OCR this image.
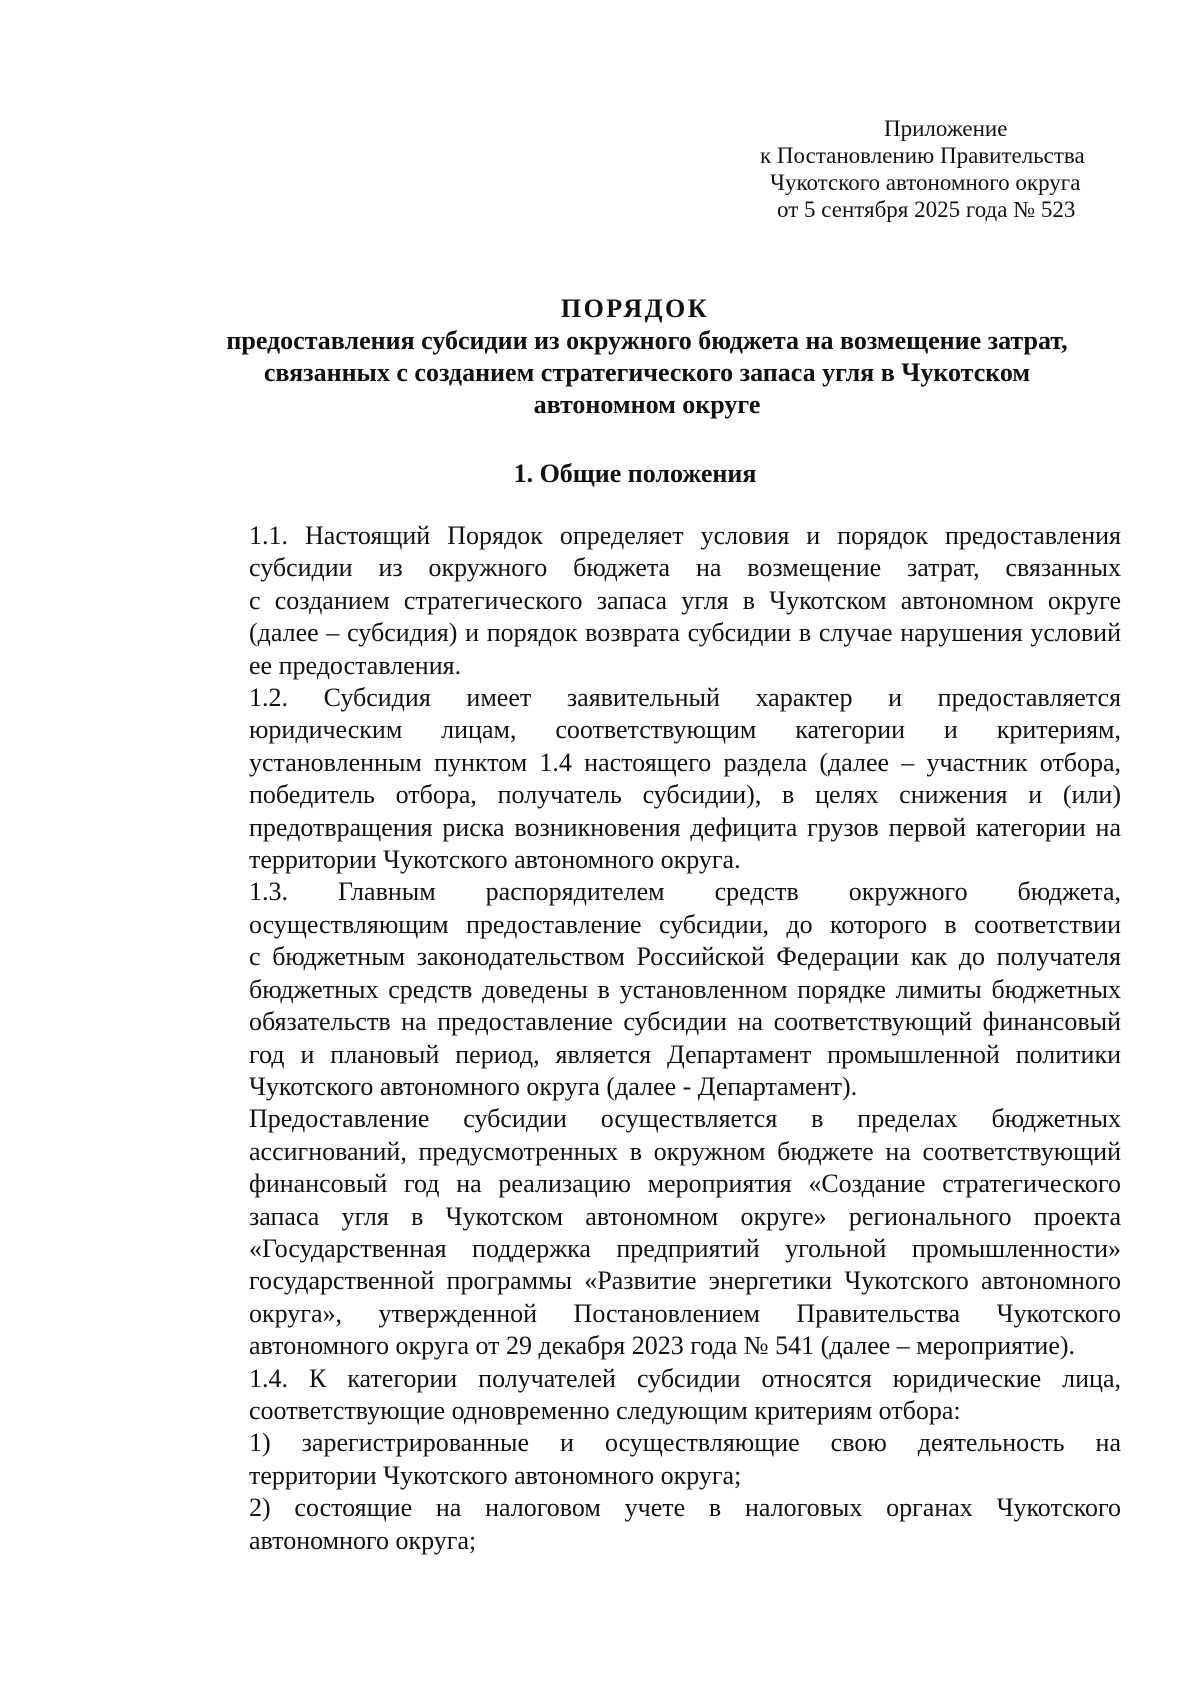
Приложение
к Постановлению Правительства
Чукотского автономного округа
от 5 сентября 2025 года № 523
ПОРЯДОК
предоставления субсидии из окружного бюджета на возмещение затрат,
связанных с созданием стратегического запаса угля в Чукотском
автономном округе
1. Общие положения

1.1. Настоящий Порядок определяет условия и порядок предоставления
субсидии из окружного бюджета на возмещение затрат, связанных
с созданием стратегического запаса угля в Чукотском автономном округе
(далее – субсидия) и порядок возврата субсидии в случае нарушения условий
ее предоставления.

1.2. Субсидия имеет заявительный характер и предоставляется
юридическим лицам, соответствующим категории и критериям,
установленным пунктом 1.4 настоящего раздела (далее – участник отбора,
победитель отбора, получатель субсидии), в целях снижения и (или)
предотвращения риска возникновения дефицита грузов первой категории на
территории Чукотского автономного округа.

1.3. Главным распорядителем средств окружного бюджета,
осуществляющим предоставление субсидии, до которого в соответствии
с бюджетным законодательством Российской Федерации как до получателя
бюджетных средств доведены в установленном порядке лимиты бюджетных
обязательств на предоставление субсидии на соответствующий финансовый
год и плановый период, является Департамент промышленной политики
Чукотского автономного округа (далее - Департамент).

Предоставление субсидии осуществляется в пределах бюджетных
ассигнований, предусмотренных в окружном бюджете на соответствующий
финансовый год на реализацию мероприятия «Создание стратегического
запаса угля в Чукотском автономном округе» регионального проекта
«Государственная поддержка предприятий угольной промышленности»
государственной программы «Развитие энергетики Чукотского автономного
округа», утвержденной Постановлением Правительства Чукотского
автономного округа от 29 декабря 2023 года № 541 (далее – мероприятие).

1.4. К категории получателей субсидии относятся юридические лица,
соответствующие одновременно следующим критериям отбора:

1) зарегистрированные и осуществляющие свою деятельность на
территории Чукотского автономного округа;

2) состоящие на налоговом учете в налоговых органах Чукотского
автономного округа;
